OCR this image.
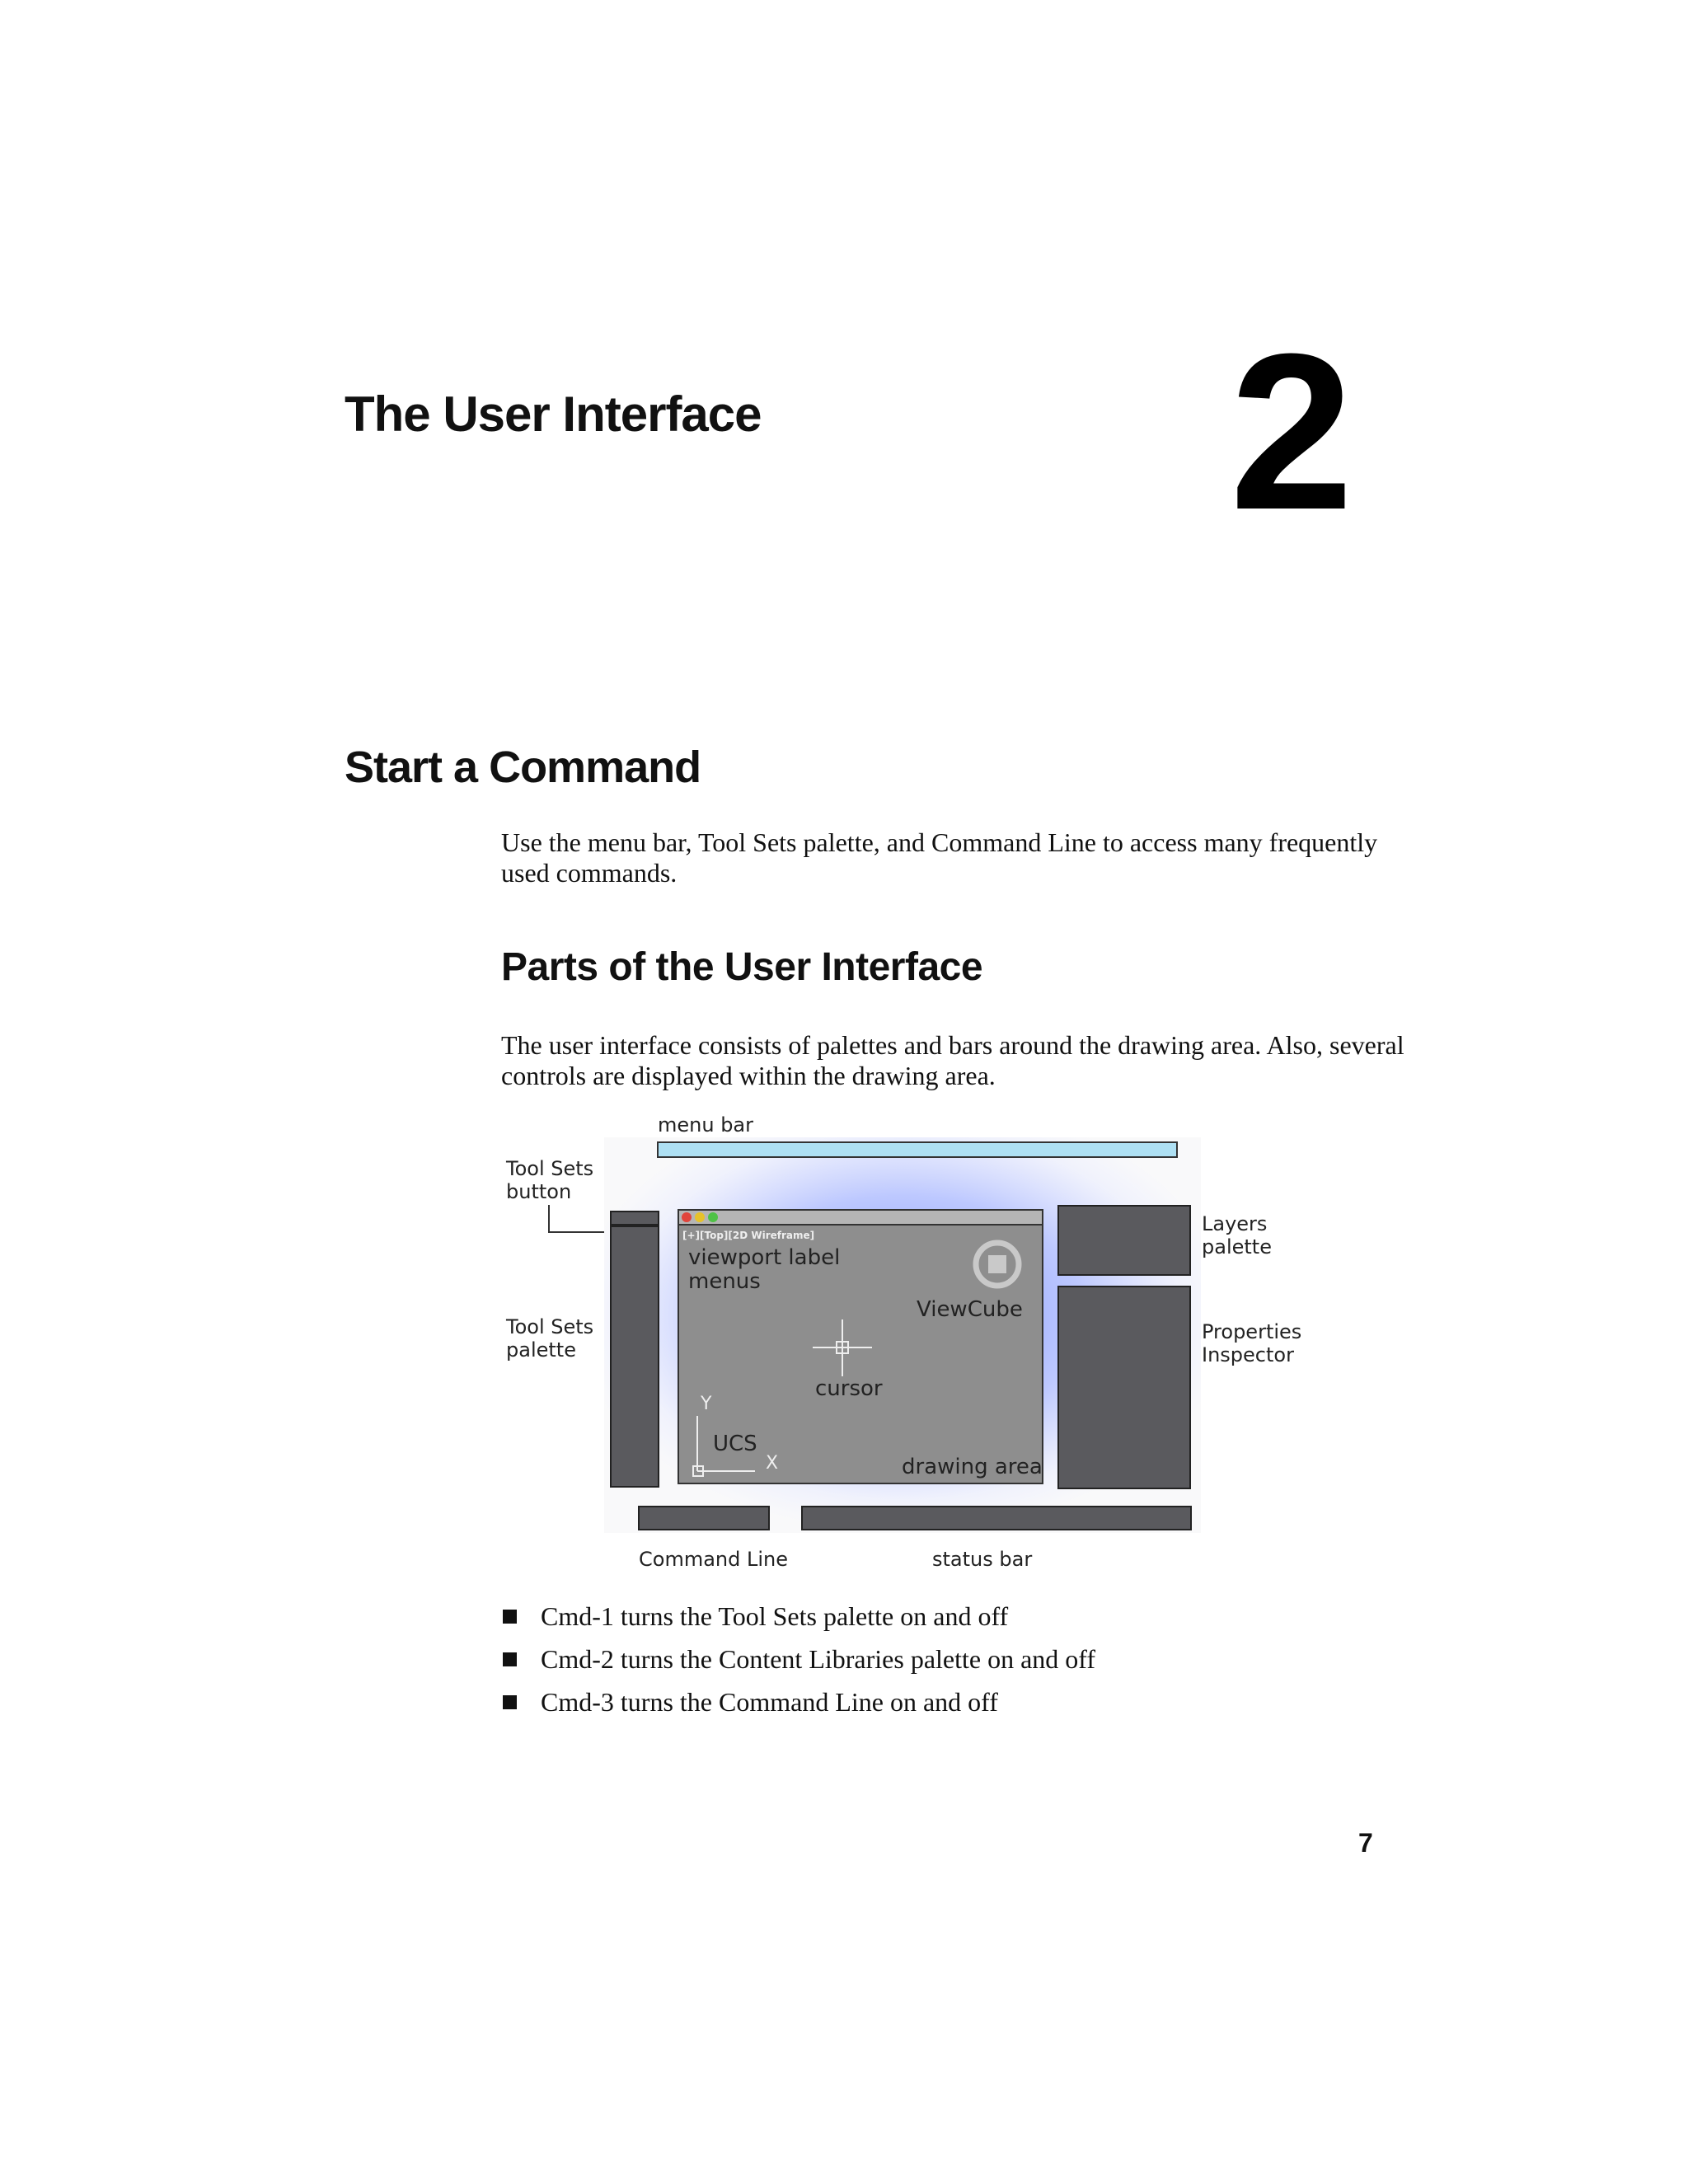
The User Interface 2
Start a Command

Use the menu bar, Tool Sets palette, and Command Line to access many frequently used commands.

Parts of the User Interface

The user interface consists of palettes and bars around the drawing area. Also, several controls are displayed within the drawing area.

menu bar
Tool Sets
button
Tool Sets
palette
[+][Top][2D Wireframe]
viewport label
menus
ViewCube
cursor
Y
X
UCS
drawing area
Layers
palette
Properties
Inspector
Command Line	status bar
Cmd-1 turns the Tool Sets palette on and off
Cmd-2 turns the Content Libraries palette on and off
Cmd-3 turns the Command Line on and off
7
